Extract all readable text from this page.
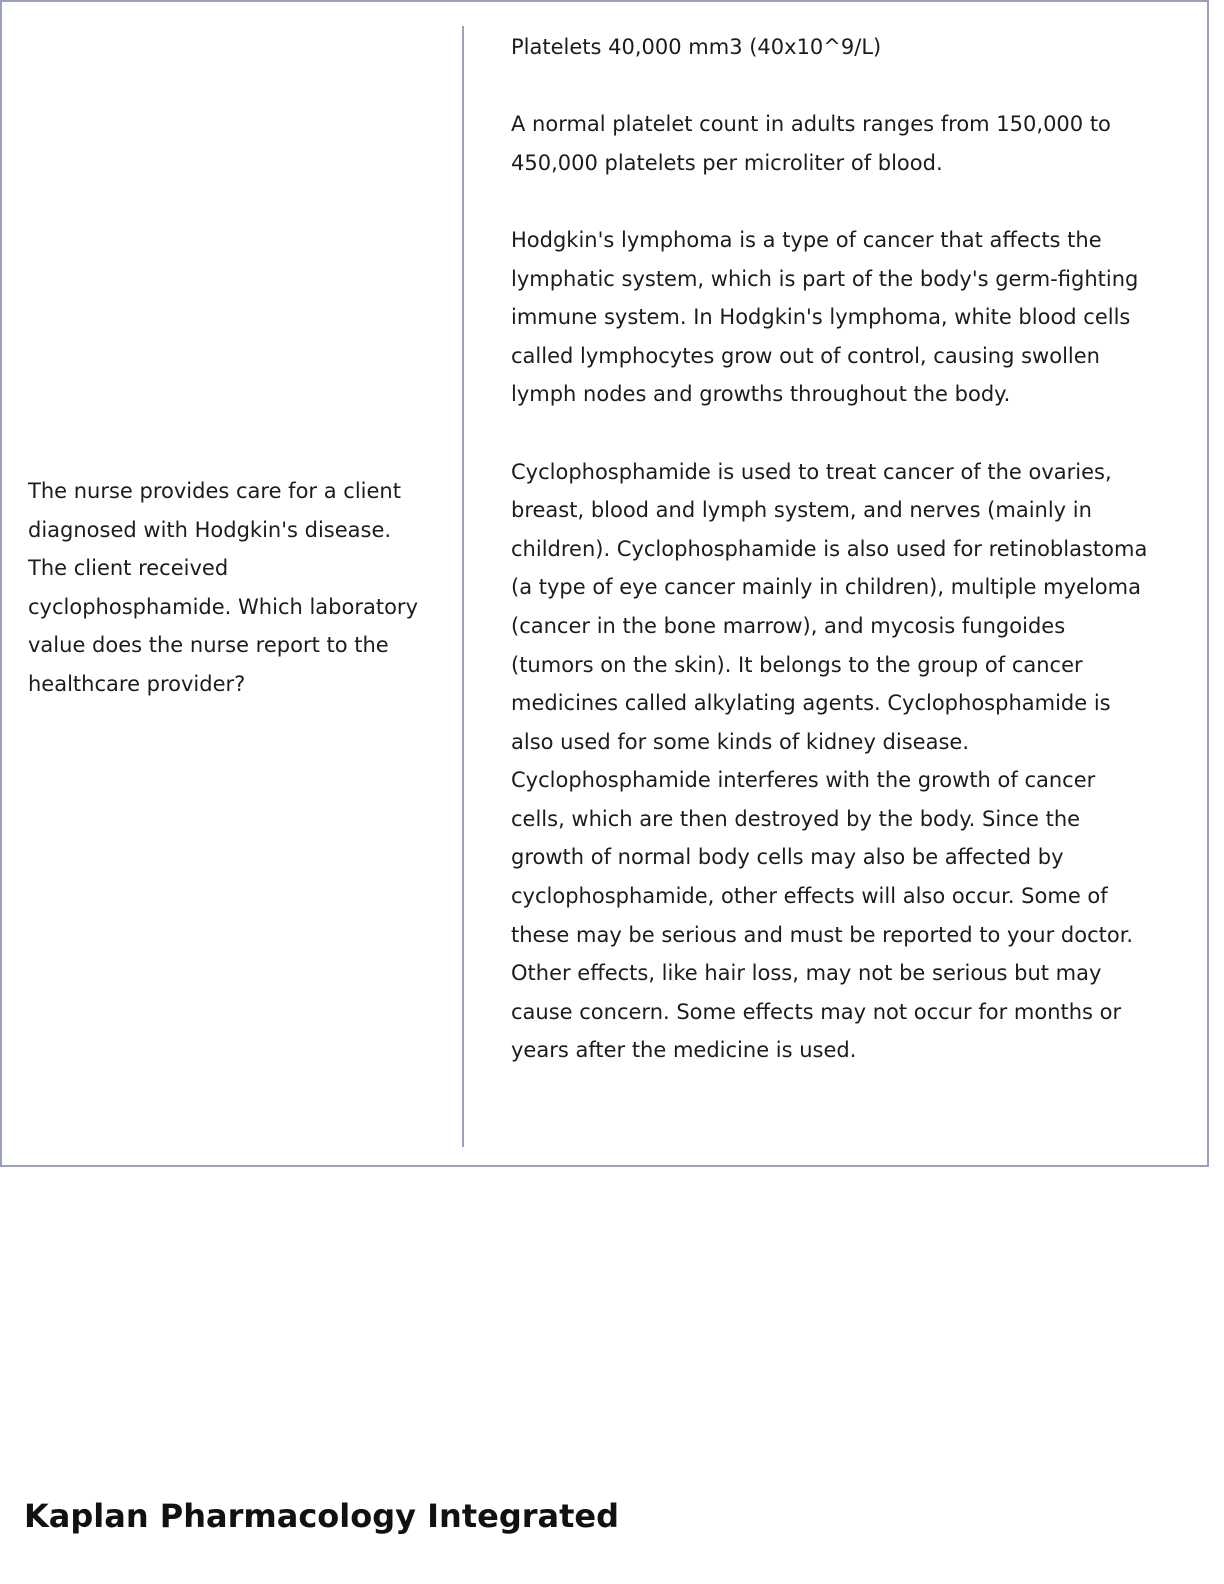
The nurse provides care for a client diagnosed with Hodgkin's disease. The client received cyclophosphamide. Which laboratory value does the nurse report to the healthcare provider?

Platelets 40,000 mm3 (40x10^9/L)

A normal platelet count in adults ranges from 150,000 to 450,000 platelets per microliter of blood.

Hodgkin's lymphoma is a type of cancer that affects the lymphatic system, which is part of the body's germ-fighting immune system. In Hodgkin's lymphoma, white blood cells called lymphocytes grow out of control, causing swollen lymph nodes and growths throughout the body.

Cyclophosphamide is used to treat cancer of the ovaries, breast, blood and lymph system, and nerves (mainly in children). Cyclophosphamide is also used for retinoblastoma (a type of eye cancer mainly in children), multiple myeloma (cancer in the bone marrow), and mycosis fungoides (tumors on the skin). It belongs to the group of cancer medicines called alkylating agents. Cyclophosphamide is also used for some kinds of kidney disease.

Cyclophosphamide interferes with the growth of cancer cells, which are then destroyed by the body. Since the growth of normal body cells may also be affected by cyclophosphamide, other effects will also occur. Some of these may be serious and must be reported to your doctor. Other effects, like hair loss, may not be serious but may cause concern. Some effects may not occur for months or years after the medicine is used.

Kaplan Pharmacology Integrated
